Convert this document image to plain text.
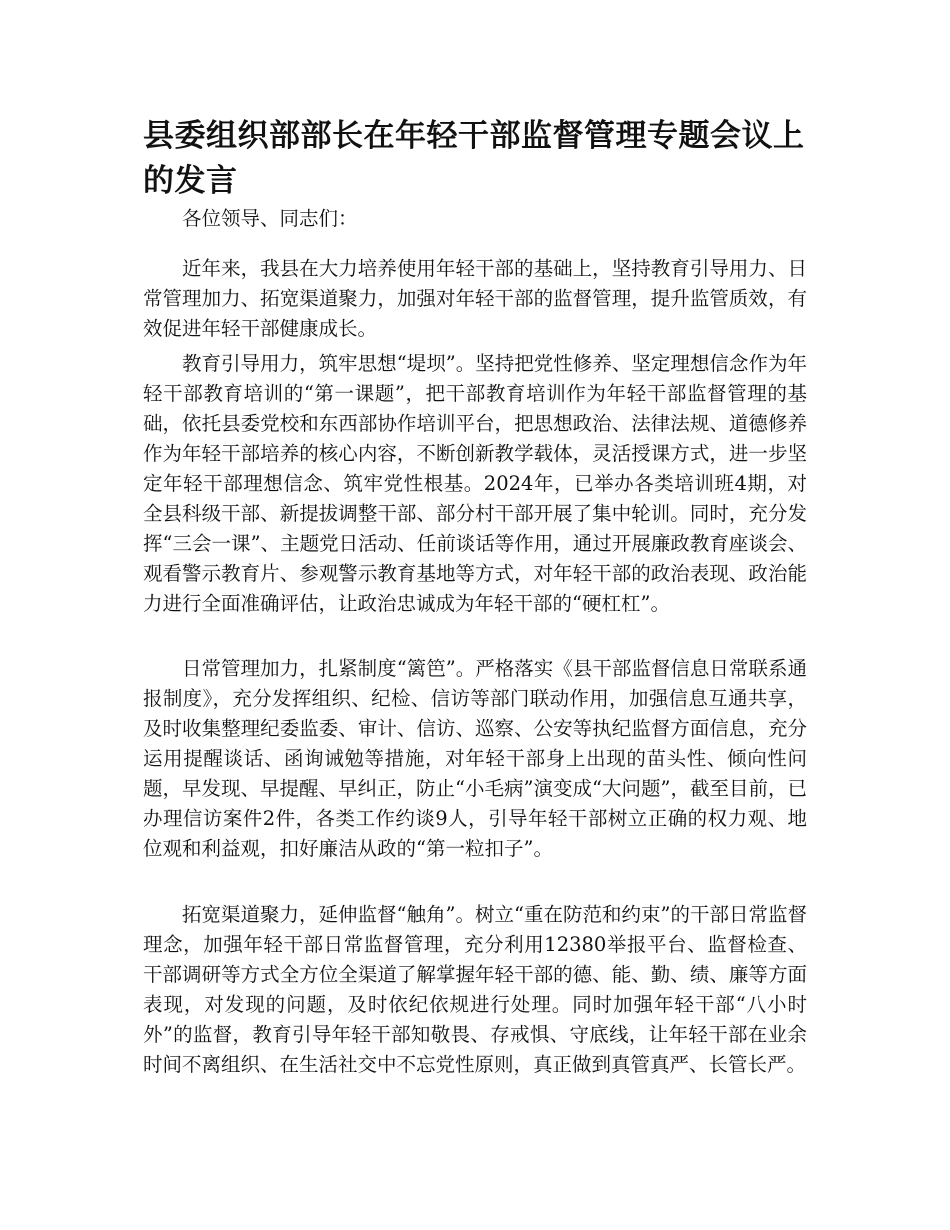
县委组织部部长在年轻干部监督管理专题会议上的发言

各位领导、同志们：

近年来，我县在大力培养使用年轻干部的基础上，坚持教育引导用力、日常管理加力、拓宽渠道聚力，加强对年轻干部的监督管理，提升监管质效，有效促进年轻干部健康成长。

教育引导用力，筑牢思想“堤坝”。坚持把党性修养、坚定理想信念作为年轻干部教育培训的“第一课题”，把干部教育培训作为年轻干部监督管理的基础，依托县委党校和东西部协作培训平台，把思想政治、法律法规、道德修养作为年轻干部培养的核心内容，不断创新教学载体，灵活授课方式，进一步坚定年轻干部理想信念、筑牢党性根基。2024年，已举办各类培训班4期，对全县科级干部、新提拔调整干部、部分村干部开展了集中轮训。同时，充分发挥“三会一课”、主题党日活动、任前谈话等作用，通过开展廉政教育座谈会、观看警示教育片、参观警示教育基地等方式，对年轻干部的政治表现、政治能力进行全面准确评估，让政治忠诚成为年轻干部的“硬杠杠”。

日常管理加力，扎紧制度“篱笆”。严格落实《县干部监督信息日常联系通报制度》，充分发挥组织、纪检、信访等部门联动作用，加强信息互通共享，及时收集整理纪委监委、审计、信访、巡察、公安等执纪监督方面信息，充分运用提醒谈话、函询诫勉等措施，对年轻干部身上出现的苗头性、倾向性问题，早发现、早提醒、早纠正，防止“小毛病”演变成“大问题”，截至目前，已办理信访案件2件，各类工作约谈9人，引导年轻干部树立正确的权力观、地位观和利益观，扣好廉洁从政的“第一粒扣子”。

拓宽渠道聚力，延伸监督“触角”。树立“重在防范和约束”的干部日常监督理念，加强年轻干部日常监督管理，充分利用12380举报平台、监督检查、干部调研等方式全方位全渠道了解掌握年轻干部的德、能、勤、绩、廉等方面表现，对发现的问题，及时依纪依规进行处理。同时加强年轻干部“八小时外”的监督，教育引导年轻干部知敬畏、存戒惧、守底线，让年轻干部在业余时间不离组织、在生活社交中不忘党性原则，真正做到真管真严、长管长严。
